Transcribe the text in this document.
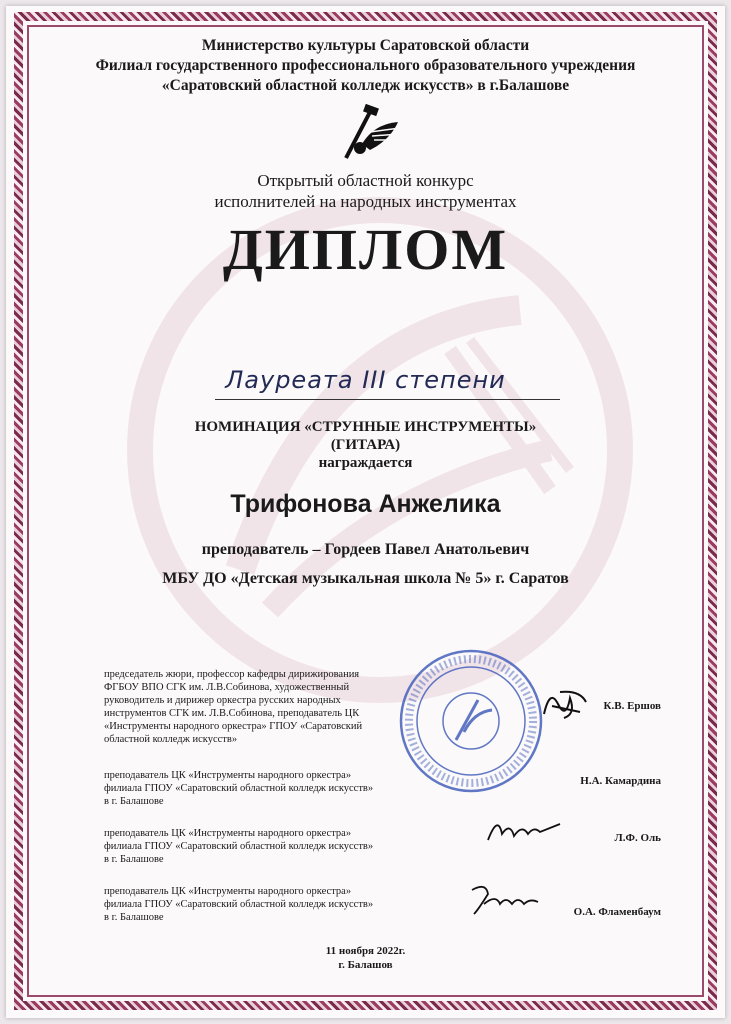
Министерство культуры Саратовской области
Филиал государственного профессионального образовательного учреждения
«Саратовский областной колледж искусств» в г.Балашове
Открытый областной конкурс
исполнителей на народных инструментах
ДИПЛОМ
Лауреата III степени
НОМИНАЦИЯ «СТРУННЫЕ ИНСТРУМЕНТЫ»
(ГИТАРА)
награждается
Трифонова Анжелика
преподаватель – Гордеев Павел Анатольевич
МБУ ДО «Детская музыкальная школа № 5» г. Саратов
председатель жюри, профессор кафедры дирижирования
ФГБОУ ВПО СГК им. Л.В.Собинова, художественный
руководитель и дирижер оркестра русских народных
инструментов СГК им. Л.В.Собинова, преподаватель ЦК
«Инструменты народного оркестра» ГПОУ «Саратовский
областной колледж искусств»
К.В. Ершов
преподаватель ЦК «Инструменты народного оркестра»
филиала ГПОУ «Саратовский областной колледж искусств»
в г. Балашове
Н.А. Камардина
преподаватель ЦК «Инструменты народного оркестра»
филиала ГПОУ «Саратовский областной колледж искусств»
в г. Балашове
Л.Ф. Оль
преподаватель ЦК «Инструменты народного оркестра»
филиала ГПОУ «Саратовский областной колледж искусств»
в г. Балашове	О.А. Фламенбаум
11 ноября 2022г.
г. Балашов
